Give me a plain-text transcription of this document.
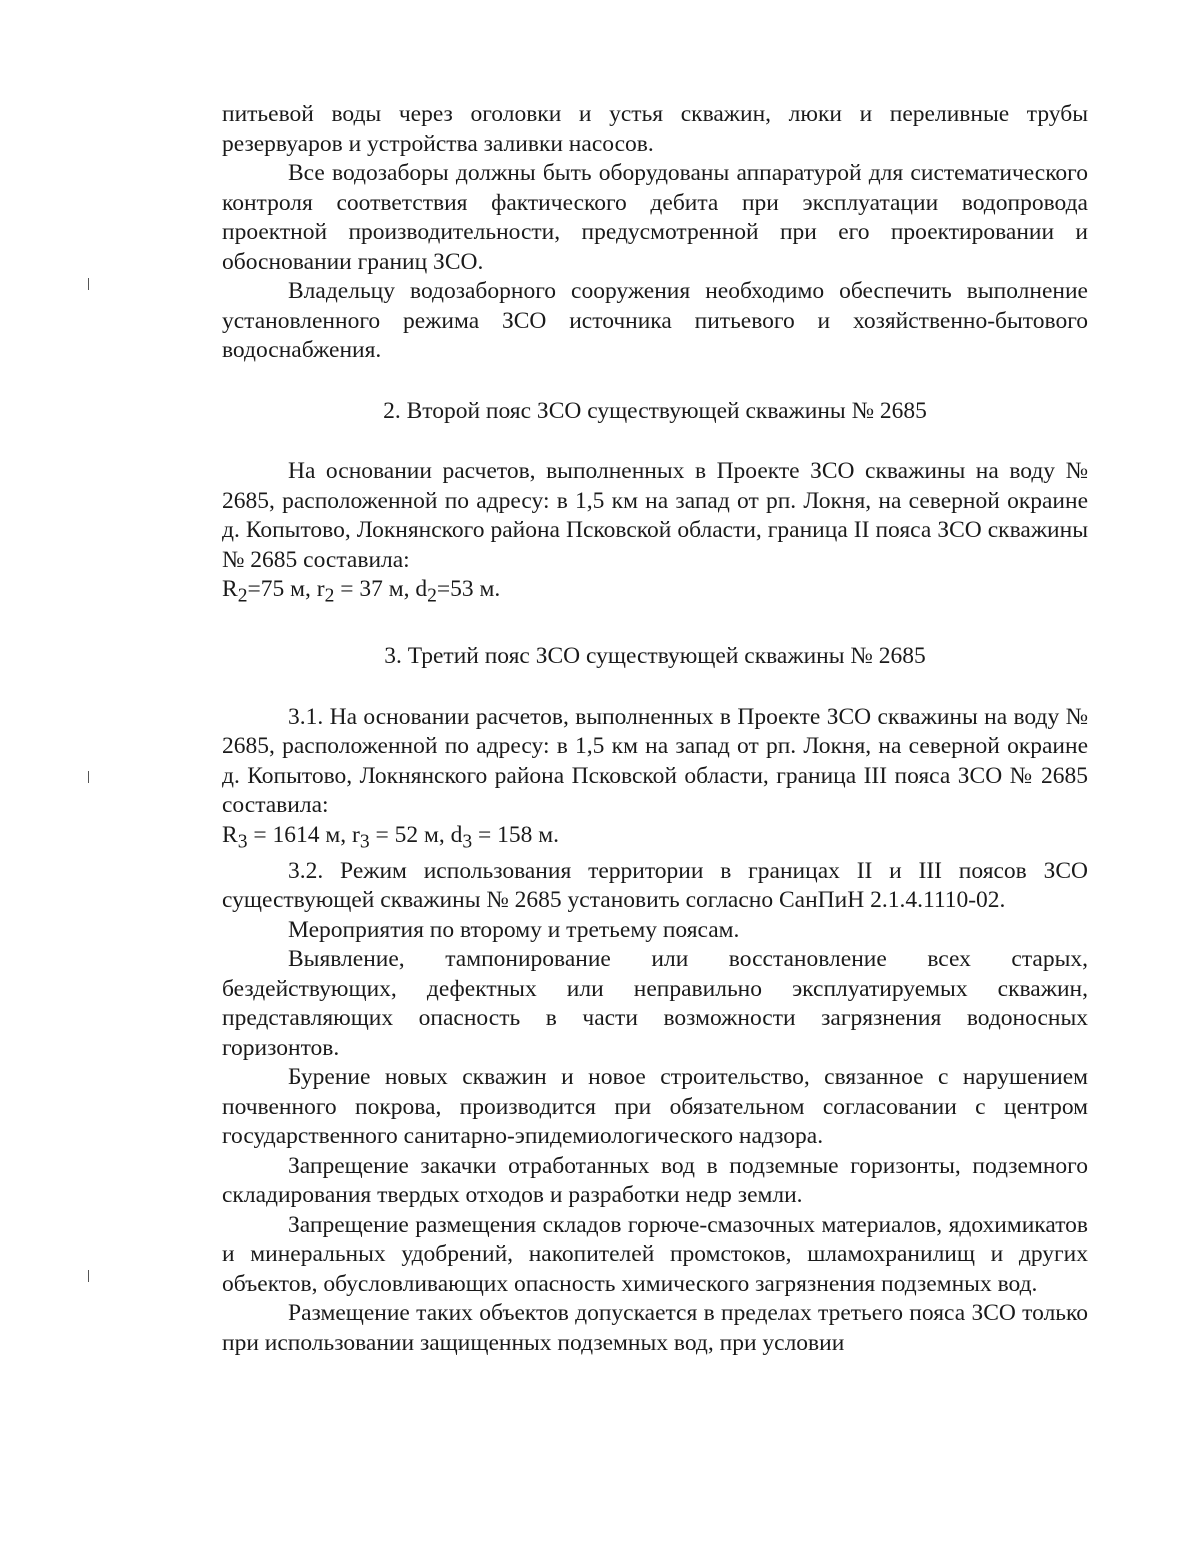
питьевой воды через оголовки и устья скважин, люки и переливные трубы резервуаров и устройства заливки насосов.

Все водозаборы должны быть оборудованы аппаратурой для систематического контроля соответствия фактического дебита при эксплуатации водопровода проектной производительности, предусмотренной при его проектировании и обосновании границ ЗСО.

Владельцу водозаборного сооружения необходимо обеспечить выполнение установленного режима ЗСО источника питьевого и хозяйственно-бытового водоснабжения.

2. Второй пояс ЗСО существующей скважины № 2685

На основании расчетов, выполненных в Проекте ЗСО скважины на воду № 2685, расположенной по адресу: в 1,5 км на запад от рп. Локня, на северной окраине д. Копытово, Локнянского района Псковской области, граница II пояса ЗСО скважины № 2685 составила:

$R_2=75$ м, $r_2 = 37$ м, $d_2=53$ м.

3. Третий пояс ЗСО существующей скважины № 2685

3.1. На основании расчетов, выполненных в Проекте ЗСО скважины на воду № 2685, расположенной по адресу: в 1,5 км на запад от рп. Локня, на северной окраине д. Копытово, Локнянского района Псковской области, граница III пояса ЗСО № 2685 составила:

$R_3 = 1614$ м, $r_3 = 52$ м, $d_3 = 158$ м.

3.2. Режим использования территории в границах II и III поясов ЗСО существующей скважины № 2685 установить согласно СанПиН 2.1.4.1110-02.

Мероприятия по второму и третьему поясам.

Выявление, тампонирование или восстановление всех старых, бездействующих, дефектных или неправильно эксплуатируемых скважин, представляющих опасность в части возможности загрязнения водоносных горизонтов.

Бурение новых скважин и новое строительство, связанное с нарушением почвенного покрова, производится при обязательном согласовании с центром государственного санитарно-эпидемиологического надзора.

Запрещение закачки отработанных вод в подземные горизонты, подземного складирования твердых отходов и разработки недр земли.

Запрещение размещения складов горюче-смазочных материалов, ядохимикатов и минеральных удобрений, накопителей промстоков, шламохранилищ и других объектов, обусловливающих опасность химического загрязнения подземных вод.

Размещение таких объектов допускается в пределах третьего пояса ЗСО только при использовании защищенных подземных вод, при условии
